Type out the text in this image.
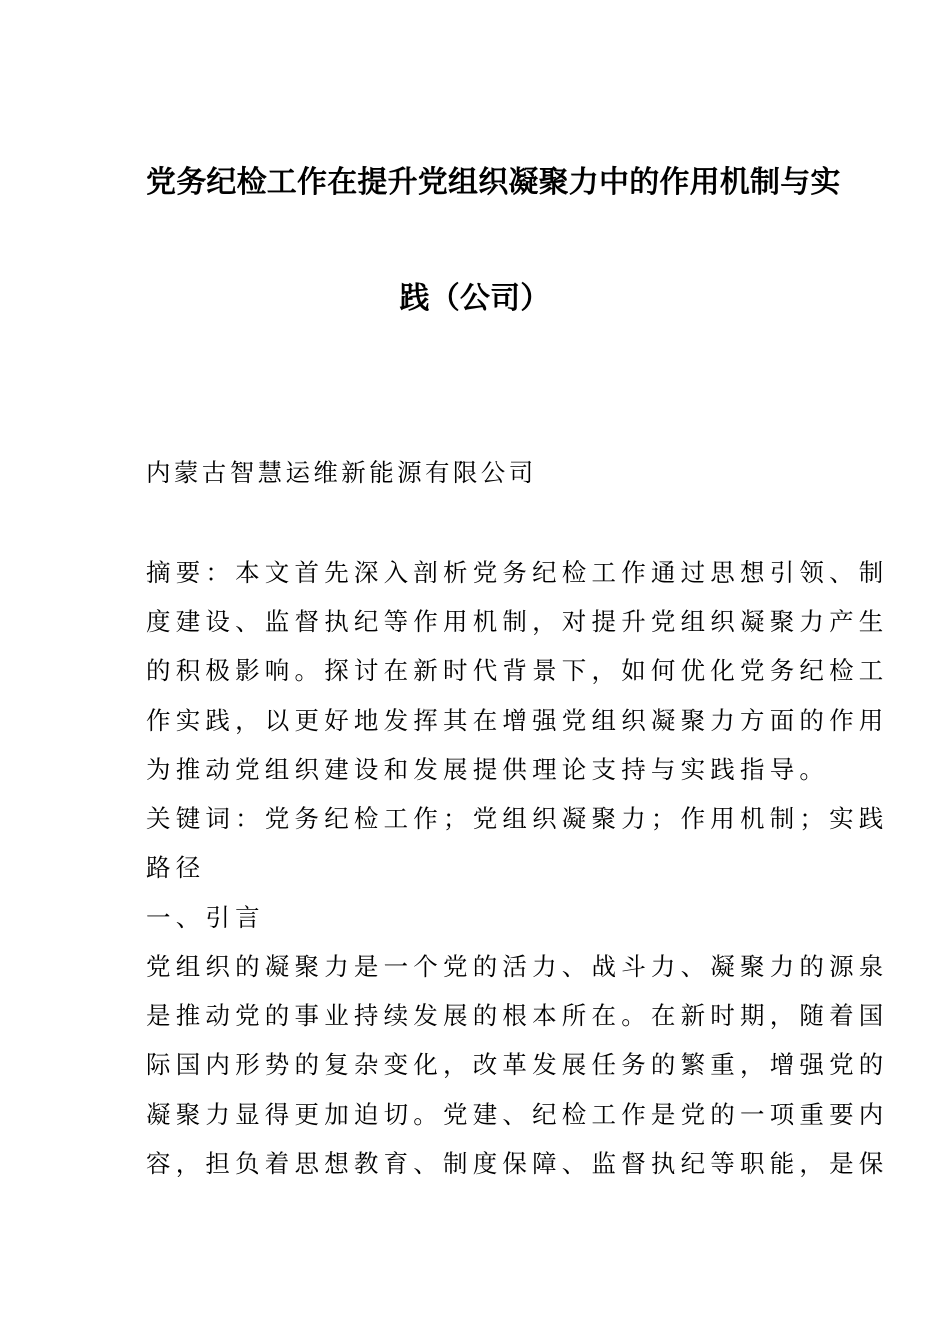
党务纪检工作在提升党组织凝聚力中的作用机制与实
践（公司）
内蒙古智慧运维新能源有限公司
摘要：本文首先深入剖析党务纪检工作通过思想引领、制
度建设、监督执纪等作用机制，对提升党组织凝聚力产生
的积极影响。探讨在新时代背景下，如何优化党务纪检工
作实践，以更好地发挥其在增强党组织凝聚力方面的作用
为推动党组织建设和发展提供理论支持与实践指导。
关键词：党务纪检工作；党组织凝聚力；作用机制；实践
路径
一、引言
党组织的凝聚力是一个党的活力、战斗力、凝聚力的源泉
是推动党的事业持续发展的根本所在。在新时期，随着国
际国内形势的复杂变化，改革发展任务的繁重，增强党的
凝聚力显得更加迫切。党建、纪检工作是党的一项重要内
容，担负着思想教育、制度保障、监督执纪等职能，是保
